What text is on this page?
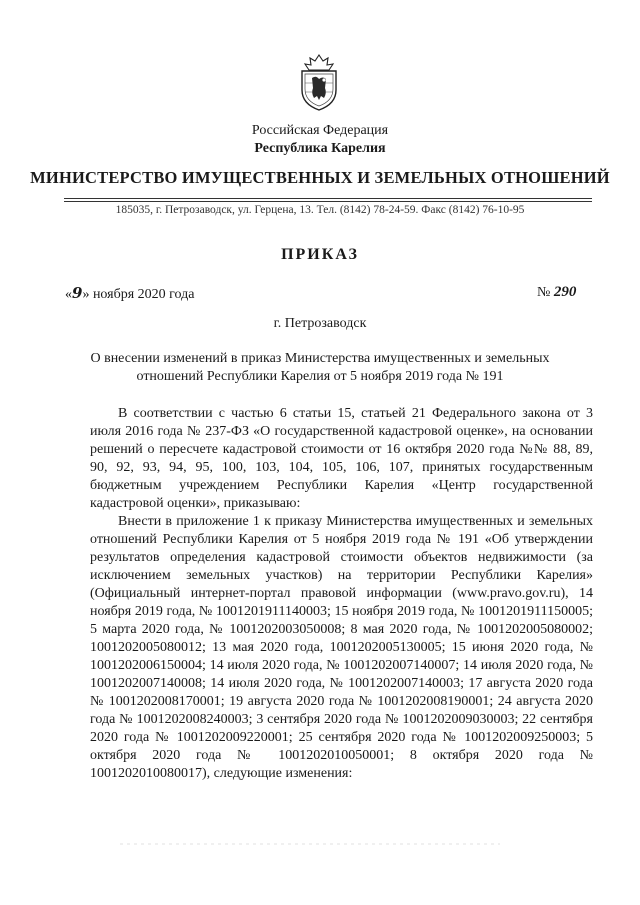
Российская Федерация
Республика Карелия
МИНИСТЕРСТВО ИМУЩЕСТВЕННЫХ И ЗЕМЕЛЬНЫХ ОТНОШЕНИЙ
185035, г. Петрозаводск, ул. Герцена, 13. Тел. (8142) 78-24-59. Факс (8142) 76-10-95
ПРИКАЗ
«9» ноября 2020 года	№ 290
г. Петрозаводск
О внесении изменений в приказ Министерства имущественных и земельных отношений Республики Карелия от 5 ноября 2019 года № 191

В соответствии с частью 6 статьи 15, статьей 21 Федерального закона от 3 июля 2016 года № 237-ФЗ «О государственной кадастровой оценке», на основании решений о пересчете кадастровой стоимости от 16 октября 2020 года №№ 88, 89, 90, 92, 93, 94, 95, 100, 103, 104, 105, 106, 107, принятых государственным бюджетным учреждением Республики Карелия «Центр государственной кадастровой оценки», приказываю:

Внести в приложение 1 к приказу Министерства имущественных и земельных отношений Республики Карелия от 5 ноября 2019 года № 191 «Об утверждении результатов определения кадастровой стоимости объектов недвижимости (за исключением земельных участков) на территории Республики Карелия» (Официальный интернет-портал правовой информации (www.pravo.gov.ru), 14 ноября 2019 года, № 1001201911140003; 15 ноября 2019 года, № 1001201911150005; 5 марта 2020 года, № 1001202003050008; 8 мая 2020 года, № 1001202005080002; 1001202005080012; 13 мая 2020 года, 1001202005130005; 15 июня 2020 года, № 1001202006150004; 14 июля 2020 года, № 1001202007140007; 14 июля 2020 года, № 1001202007140008; 14 июля 2020 года, № 1001202007140003; 17 августа 2020 года № 1001202008170001; 19 августа 2020 года № 1001202008190001; 24 августа 2020 года № 1001202008240003; 3 сентября 2020 года № 1001202009030003; 22 сентября 2020 года № 1001202009220001; 25 сентября 2020 года № 1001202009250003; 5 октября 2020 года № 1001202010050001; 8 октября 2020 года № 1001202010080017), следующие изменения:
